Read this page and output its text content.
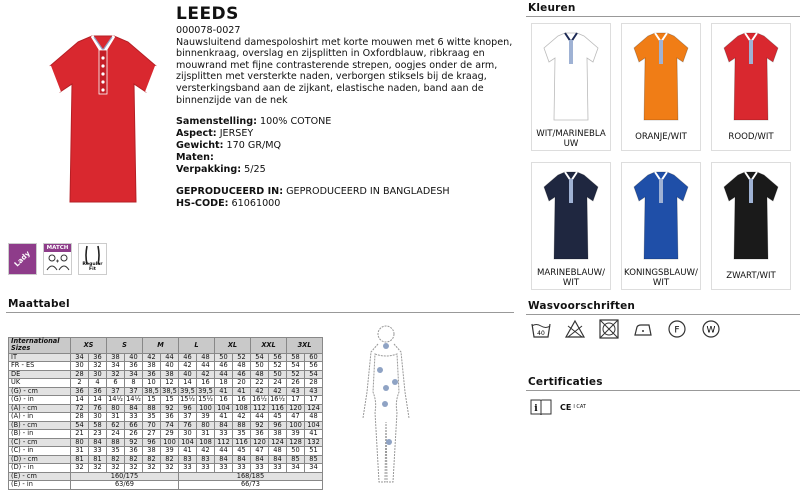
LEEDS
000078-0027
Nauwsluitend damespoloshirt met korte mouwen met 6 witte knopen, binnenkraag, overslag en zijsplitten in Oxfordblauw, ribkraag en mouwrand met fijne contrasterende strepen, oogjes onder de arm, zijsplitten met versterkte naden, verborgen stiksels bij de kraag, versterkingsband aan de zijkant, elastische naden, band aan de binnenzijde van de nek
Samenstelling: 100% COTONE
Aspect: JERSEY
Gewicht: 170 GR/MQ
Maten:
Verpakking: 5/25
GEPRODUCEERD IN: GEPRODUCEERD IN BANGLADESH
HS-CODE: 61061000
Lady
MATCH
Regular Fit
Kleuren
WIT/MARINEBLAUW
ORANJE/WIT	ROOD/WIT
MARINEBLAUW/WIT
KONINGSBLAUW/WIT
ZWART/WIT
Maattabel
International Sizes	XS		S		M		L		XL		XXL		3XL	
IT	34	36	38	40	42	44	46	48	50	52	54	56	58	60
FR - ES	30	32	34	36	38	40	42	44	46	48	50	52	54	56
DE	28	30	32	34	36	38	40	42	44	46	48	50	52	54
UK	2	4	6	8	10	12	14	16	18	20	22	24	26	28
(G) - cm	36	36	37	37	38,5	38,5	39,5	39,5	41	41	42	42	43	43
(G) - in	14	14	14½	14½	15	15	15½	15½	16	16	16½	16½	17	17
(A) - cm	72	76	80	84	88	92	96	100	104	108	112	116	120	124
(A) - in	28	30	31	33	35	36	37	39	41	42	44	45	47	48
(B) - cm	54	58	62	66	70	74	76	80	84	88	92	96	100	104
(B) - in	21	23	24	26	27	29	30	31	33	35	36	38	39	41
(C) - cm	80	84	88	92	96	100	104	108	112	116	120	124	128	132
(C) - in	31	33	35	36	38	39	41	42	44	45	47	48	50	51
(D) - cm	81	81	82	82	82	82	83	83	84	84	84	84	85	85
(D) - in	32	32	32	32	32	32	33	33	33	33	33	33	34	34
(E) - cm	160/175						168/185							
(E) - in	63/69						66/73							
Wasvoorschriften
40	F	W
Certificaties
i	CE I CAT
